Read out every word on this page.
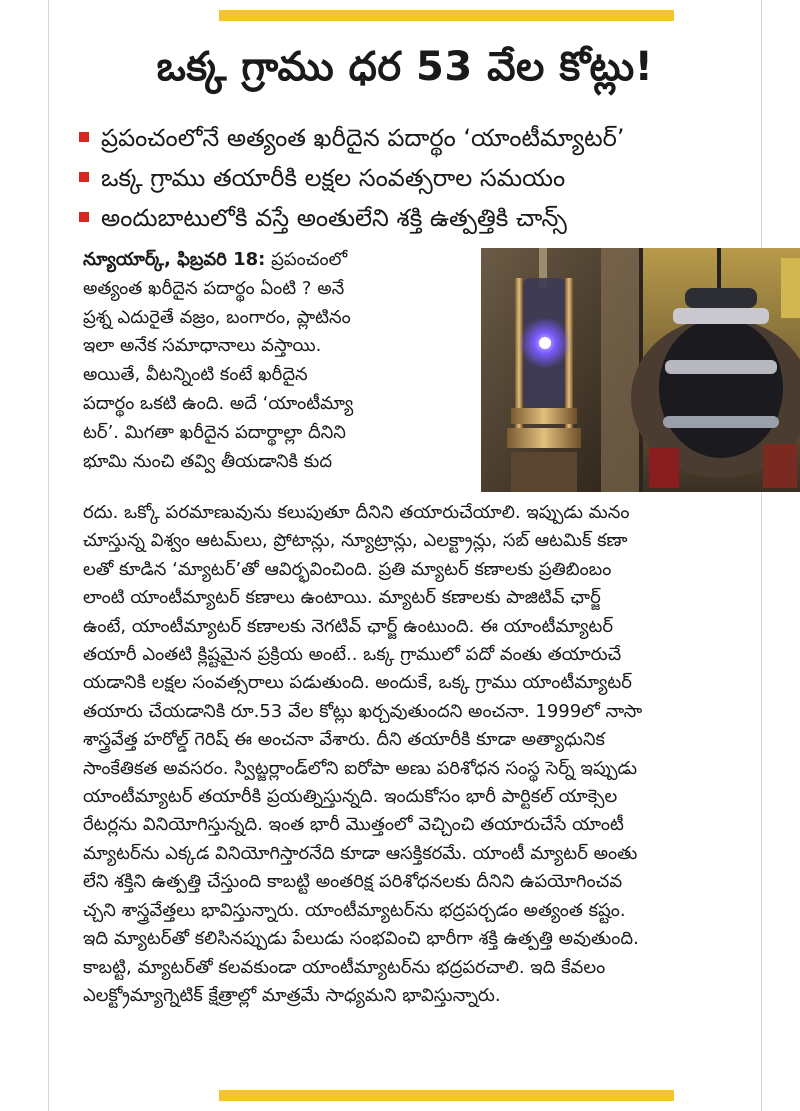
ఒక్క గ్రాము ధర 53 వేల కోట్లు!
ప్రపంచంలోనే అత్యంత ఖరీదైన పదార్థం ‘యాంటీమ్యాటర్’
ఒక్క గ్రాము తయారీకి లక్షల సంవత్సరాల సమయం
అందుబాటులోకి వస్తే అంతులేని శక్తి ఉత్పత్తికి చాన్స్
న్యూయార్క్‌, ఫిబ్రవరి 18: ప్రపంచంలో
అత్యంత ఖరీదైన పదార్థం ఏంటి ? అనే
ప్రశ్న ఎదురైతే వజ్రం, బంగారం, ప్లాటినం
ఇలా అనేక సమాధానాలు వస్తాయి.
అయితే, వీటన్నింటి కంటే ఖరీదైన
పదార్థం ఒకటి ఉంది. అదే ‘యాంటీమ్యా
టర్’. మిగతా ఖరీదైన పదార్థాల్లా దీనిని
భూమి నుంచి తవ్వి తీయడానికి కుద
రదు. ఒక్కో పరమాణువును కలుపుతూ దీనిని తయారుచేయాలి. ఇప్పుడు మనం
చూస్తున్న విశ్వం ఆటమ్‌లు, ప్రోటాన్లు, న్యూట్రాన్లు, ఎలక్ట్రాన్లు, సబ్‌ ఆటమిక్‌ కణా
లతో కూడిన ‘మ్యాటర్‌’తో ఆవిర్భవించింది. ప్రతి మ్యాటర్‌ కణాలకు ప్రతిబింబం
లాంటి యాంటీమ్యాటర్‌ కణాలు ఉంటాయి. మ్యాటర్‌ కణాలకు పాజిటివ్‌ ఛార్జ్‌
ఉంటే, యాంటీమ్యాటర్‌ కణాలకు నెగటివ్‌ ఛార్జ్‌ ఉంటుంది. ఈ యాంటీమ్యాటర్‌
తయారీ ఎంతటి క్లిష్టమైన ప్రక్రియ అంటే.. ఒక్క గ్రాములో పదో వంతు తయారుచే
యడానికి లక్షల సంవత్సరాలు పడుతుంది. అందుకే, ఒక్క గ్రాము యాంటీమ్యాటర్‌
తయారు చేయడానికి రూ.53 వేల కోట్లు ఖర్చవుతుందని అంచనా. 1999లో నాసా
శాస్త్రవేత్త హరోల్డ్‌ గెరిష్‌ ఈ అంచనా వేశారు. దీని తయారీకి కూడా అత్యాధునిక
సాంకేతికత అవసరం. స్విట్జర్లాండ్‌లోని ఐరోపా అణు పరిశోధన సంస్థ సెర్న్‌ ఇప్పుడు
యాంటీమ్యాటర్‌ తయారీకి ప్రయత్నిస్తున్నది. ఇందుకోసం భారీ పార్టికల్‌ యాక్సెల
రేటర్లను వినియోగిస్తున్నది. ఇంత భారీ మొత్తంలో వెచ్చించి తయారుచేసే యాంటీ
మ్యాటర్‌ను ఎక్కడ వినియోగిస్తారనేది కూడా ఆసక్తికరమే. యాంటీ మ్యాటర్‌ అంతు
లేని శక్తిని ఉత్పత్తి చేస్తుంది కాబట్టి అంతరిక్ష పరిశోధనలకు దీనిని ఉపయోగించవ
చ్చని శాస్త్రవేత్తలు భావిస్తున్నారు. యాంటీమ్యాటర్‌ను భద్రపర్చడం అత్యంత కష్టం.
ఇది మ్యాటర్‌తో కలిసినప్పుడు పేలుడు సంభవించి భారీగా శక్తి ఉత్పత్తి అవుతుంది.
కాబట్టి, మ్యాటర్‌తో కలవకుండా యాంటీమ్యాటర్‌ను భద్రపరచాలి. ఇది కేవలం
ఎలక్ట్రోమ్యాగ్నెటిక్‌ క్షేత్రాల్లో మాత్రమే సాధ్యమని భావిస్తున్నారు.
